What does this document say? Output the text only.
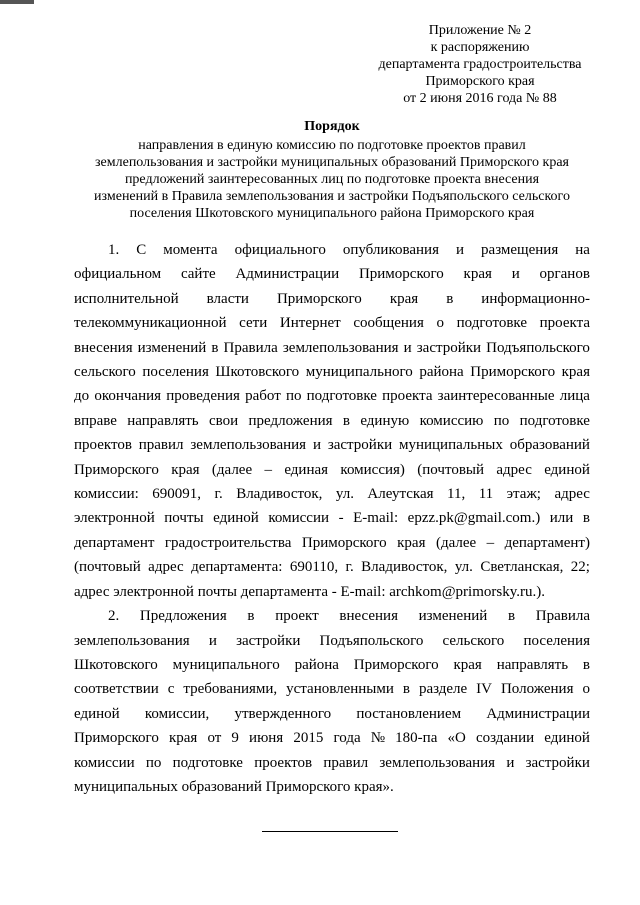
Приложение № 2
к распоряжению
департамента градостроительства
Приморского края
от 2 июня 2016 года № 88
Порядок
направления в единую комиссию по подготовке проектов правил
землепользования и застройки муниципальных образований Приморского края
предложений заинтересованных лиц по подготовке проекта внесения
изменений в Правила землепользования и застройки Подъяпольского сельского
поселения Шкотовского муниципального района Приморского края
1. С момента официального опубликования и размещения на
официальном сайте Администрации Приморского края и органов
исполнительной власти Приморского края в информационно-
телекоммуникационной сети Интернет сообщения о подготовке проекта
внесения изменений в Правила землепользования и застройки Подъяпольского
сельского поселения Шкотовского муниципального района Приморского края
до окончания проведения работ по подготовке проекта заинтересованные лица
вправе направлять свои предложения в единую комиссию по подготовке
проектов правил землепользования и застройки муниципальных образований
Приморского края (далее – единая комиссия) (почтовый адрес единой
комиссии: 690091, г. Владивосток, ул. Алеутская 11, 11 этаж; адрес
электронной почты единой комиссии - E-mail: epzz.pk@gmail.com.) или в
департамент градостроительства Приморского края (далее – департамент)
(почтовый адрес департамента: 690110, г. Владивосток, ул. Светланская, 22;
адрес электронной почты департамента - E-mail: archkom@primorsky.ru.).
2. Предложения в проект внесения изменений в Правила
землепользования и застройки Подъяпольского сельского поселения
Шкотовского муниципального района Приморского края направлять в
соответствии с требованиями, установленными в разделе IV Положения о
единой комиссии, утвержденного постановлением Администрации
Приморского края от 9 июня 2015 года № 180-па «О создании единой
комиссии по подготовке проектов правил землепользования и застройки
муниципальных образований Приморского края».
